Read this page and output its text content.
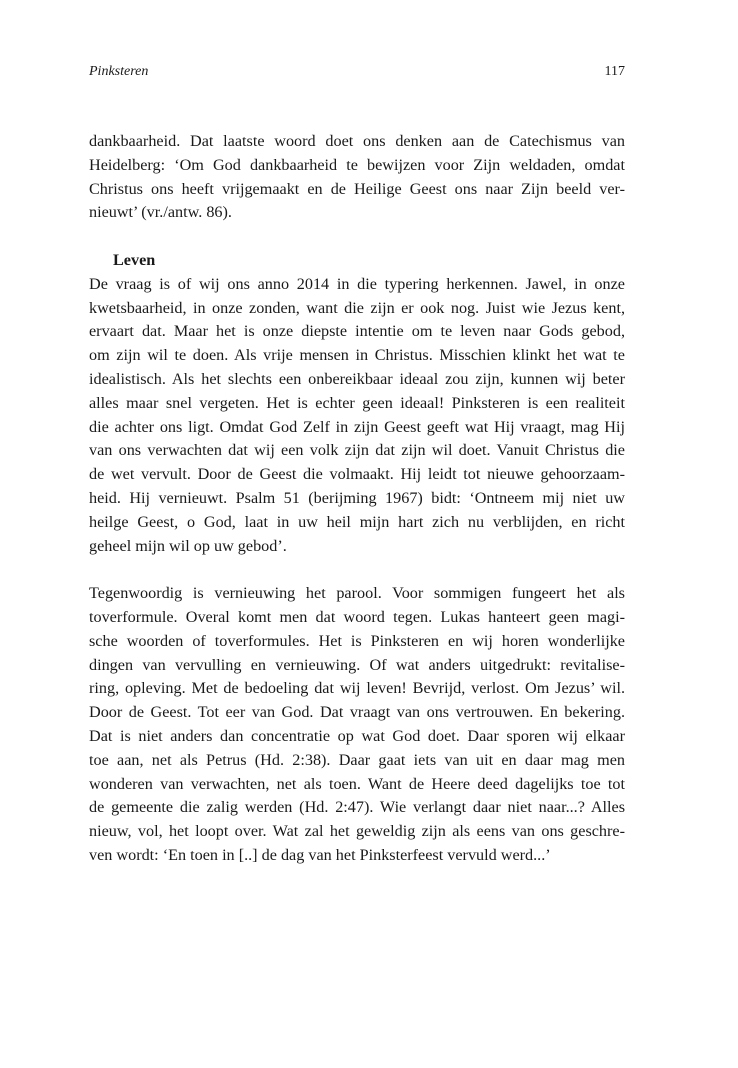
Pinksteren	117
dankbaarheid. Dat laatste woord doet ons denken aan de Catechismus van
Heidelberg: ‘Om God dankbaarheid te bewijzen voor Zijn weldaden, omdat
Christus ons heeft vrijgemaakt en de Heilige Geest ons naar Zijn beeld ver-
nieuwt’ (vr./antw. 86).
Leven
De vraag is of wij ons anno 2014 in die typering herkennen. Jawel, in onze
kwetsbaarheid, in onze zonden, want die zijn er ook nog. Juist wie Jezus kent,
ervaart dat. Maar het is onze diepste intentie om te leven naar Gods gebod,
om zijn wil te doen. Als vrije mensen in Christus. Misschien klinkt het wat te
idealistisch. Als het slechts een onbereikbaar ideaal zou zijn, kunnen wij beter
alles maar snel vergeten. Het is echter geen ideaal! Pinksteren is een realiteit
die achter ons ligt. Omdat God Zelf in zijn Geest geeft wat Hij vraagt, mag Hij
van ons verwachten dat wij een volk zijn dat zijn wil doet. Vanuit Christus die
de wet vervult. Door de Geest die volmaakt. Hij leidt tot nieuwe gehoorzaam-
heid. Hij vernieuwt. Psalm 51 (berijming 1967) bidt: ‘Ontneem mij niet uw
heilge Geest, o God, laat in uw heil mijn hart zich nu verblijden, en richt
geheel mijn wil op uw gebod’.
Tegenwoordig is vernieuwing het parool. Voor sommigen fungeert het als
toverformule. Overal komt men dat woord tegen. Lukas hanteert geen magi-
sche woorden of toverformules. Het is Pinksteren en wij horen wonderlijke
dingen van vervulling en vernieuwing. Of wat anders uitgedrukt: revitalise-
ring, opleving. Met de bedoeling dat wij leven! Bevrijd, verlost. Om Jezus’ wil.
Door de Geest. Tot eer van God. Dat vraagt van ons vertrouwen. En bekering.
Dat is niet anders dan concentratie op wat God doet. Daar sporen wij elkaar
toe aan, net als Petrus (Hd. 2:38). Daar gaat iets van uit en daar mag men
wonderen van verwachten, net als toen. Want de Heere deed dagelijks toe tot
de gemeente die zalig werden (Hd. 2:47). Wie verlangt daar niet naar...? Alles
nieuw, vol, het loopt over. Wat zal het geweldig zijn als eens van ons geschre-
ven wordt: ‘En toen in [..] de dag van het Pinksterfeest vervuld werd...’
